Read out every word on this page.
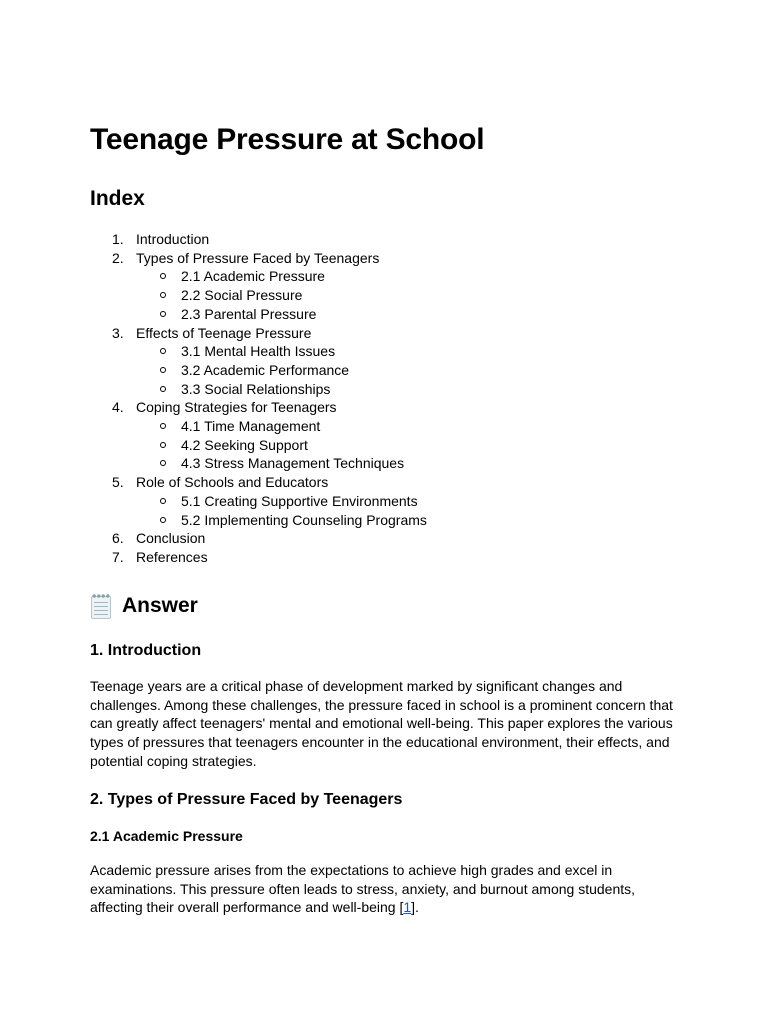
Teenage Pressure at School
Index
1. Introduction
2. Types of Pressure Faced by Teenagers
2.1 Academic Pressure
2.2 Social Pressure
2.3 Parental Pressure
3. Effects of Teenage Pressure
3.1 Mental Health Issues
3.2 Academic Performance
3.3 Social Relationships
4. Coping Strategies for Teenagers
4.1 Time Management
4.2 Seeking Support
4.3 Stress Management Techniques
5. Role of Schools and Educators
5.1 Creating Supportive Environments
5.2 Implementing Counseling Programs
6. Conclusion
7. References
Answer
1. Introduction

Teenage years are a critical phase of development marked by significant changes and challenges. Among these challenges, the pressure faced in school is a prominent concern that can greatly affect teenagers' mental and emotional well-being. This paper explores the various types of pressures that teenagers encounter in the educational environment, their effects, and potential coping strategies.

2. Types of Pressure Faced by Teenagers
2.1 Academic Pressure

Academic pressure arises from the expectations to achieve high grades and excel in examinations. This pressure often leads to stress, anxiety, and burnout among students, affecting their overall performance and well-being [1].
